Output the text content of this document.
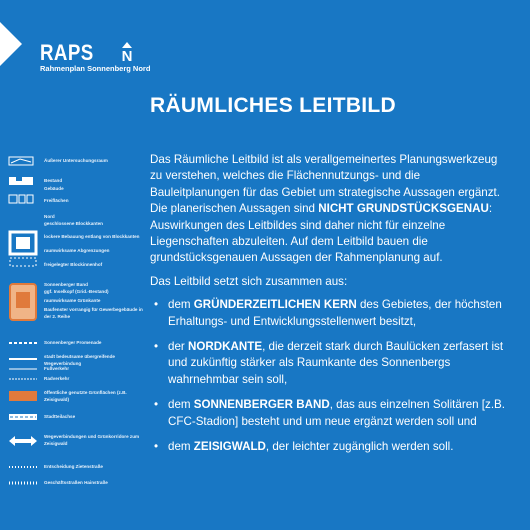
RAPS	N
Rahmenplan Sonnenberg Nord
RÄUMLICHES LEITBILD

Das Räumliche Leitbild ist als verallgemeinertes Planungswerkzeug zu verstehen, welches die Flächennutzungs- und die Bauleitplanungen für das Gebiet um strategische Aussagen ergänzt. Die planerischen Aussagen sind NICHT GRUNDSTÜCKSGENAU: Auswirkungen des Leitbildes sind daher nicht für einzelne Liegenschaften abzuleiten. Auf dem Leitbild bauen die grundstücksgenauen Aussagen der Rahmenplanung auf.

Das Leitbild setzt sich zusammen aus:

• dem GRÜNDERZEITLICHEN KERN des Gebietes, der höchsten Erhaltungs- und Entwicklungsstellenwert besitzt,
• der NORDKANTE, die derzeit stark durch Baulücken zerfasert ist und zukünftig stärker als Raumkante des Sonnenbergs wahrnehmbar sein soll,
• dem SONNENBERGER BAND, das aus einzelnen Solitären [z.B. CFC-Stadion] besteht und um neue ergänzt werden soll und
• dem ZEISIGWALD, der leichter zugänglich werden soll.
Äußerer Untersuchungsraum
Bestand
Gebäude
Freiflächen
Nord
geschlossene Blockkanten
lockere Bebauung entlang von Blockkanten
raumwirksame Abgrenzungen
freigelegter Blockinnenhof
Sonnenberger Band
ggf. Inselkopf (Grid.-Bestand)
raumwirksame Grünkante
Baufenster vorrangig für Gewerbegebäude in der 2. Reihe
Sonnenberger Promenade
stadt bedeutsame übergreifende Wegeverbindung
Fußverkehr
Radverkehr
öffentliche genutzte Grünflächen (z.B. Zeisigwald)
Stadtteilachse
Wegeverbindungen und Grünkorridore zum Zeisigwald
Entscheidung Zietenstraße
Geschäftsstraßen Hainstraße
